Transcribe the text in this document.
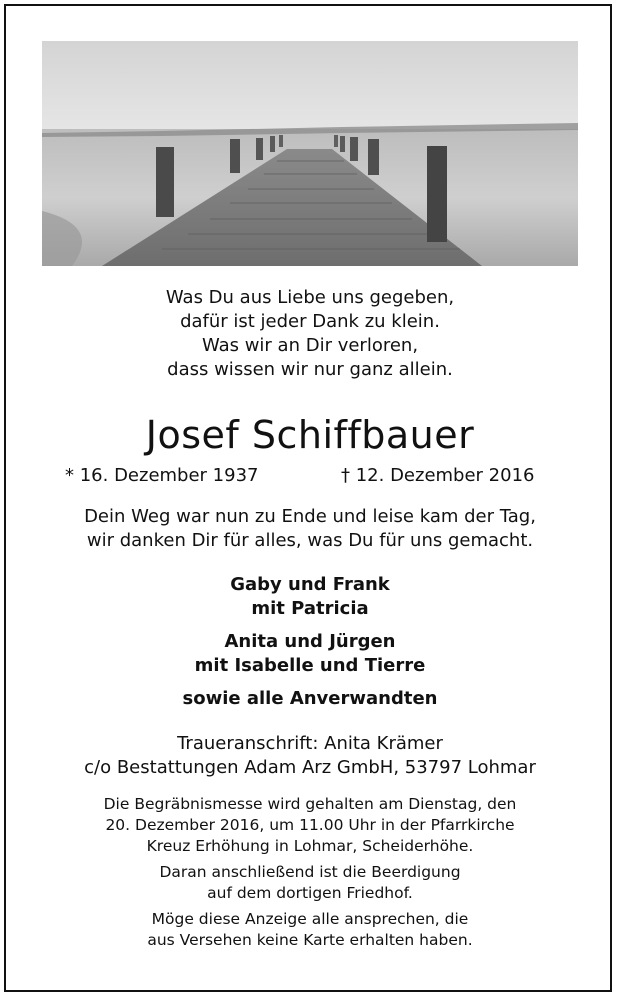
Was Du aus Liebe uns gegeben,
dafür ist jeder Dank zu klein.
Was wir an Dir verloren,
dass wissen wir nur ganz allein.
Josef Schiffbauer
* 16. Dezember 1937	† 12. Dezember 2016
Dein Weg war nun zu Ende und leise kam der Tag,
wir danken Dir für alles, was Du für uns gemacht.
Gaby und Frank
mit Patricia
Anita und Jürgen
mit Isabelle und Tierre
sowie alle Anverwandten
Traueranschrift: Anita Krämer
c/o Bestattungen Adam Arz GmbH, 53797 Lohmar
Die Begräbnismesse wird gehalten am Dienstag, den
20. Dezember 2016, um 11.00 Uhr in der Pfarrkirche
Kreuz Erhöhung in Lohmar, Scheiderhöhe.
Daran anschließend ist die Beerdigung
auf dem dortigen Friedhof.
Möge diese Anzeige alle ansprechen, die
aus Versehen keine Karte erhalten haben.
